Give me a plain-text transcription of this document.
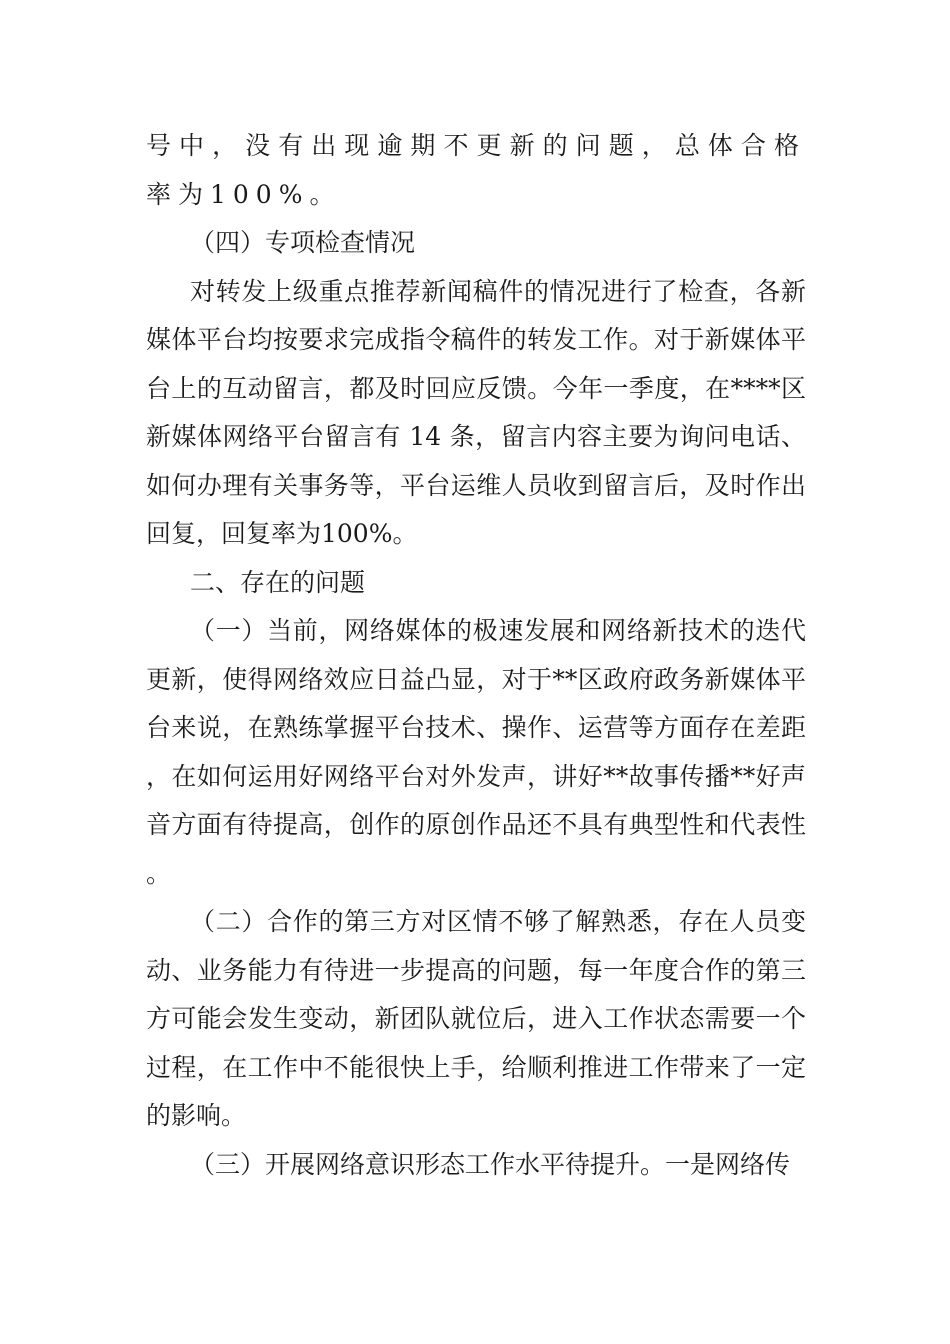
号中，没有出现逾期不更新的问题，总体合格率为100%。

（四）专项检查情况

对转发上级重点推荐新闻稿件的情况进行了检查，各新媒体平台均按要求完成指令稿件的转发工作。对于新媒体平台上的互动留言，都及时回应反馈。今年一季度，在****区新媒体网络平台留言有 14 条，留言内容主要为询问电话、如何办理有关事务等，平台运维人员收到留言后，及时作出回复，回复率为100%。

二、存在的问题

（一）当前，网络媒体的极速发展和网络新技术的迭代更新，使得网络效应日益凸显，对于**区政府政务新媒体平台来说，在熟练掌握平台技术、操作、运营等方面存在差距，在如何运用好网络平台对外发声，讲好**故事传播**好声音方面有待提高，创作的原创作品还不具有典型性和代表性。

（二）合作的第三方对区情不够了解熟悉，存在人员变动、业务能力有待进一步提高的问题，每一年度合作的第三方可能会发生变动，新团队就位后，进入工作状态需要一个过程，在工作中不能很快上手，给顺利推进工作带来了一定的影响。

（三）开展网络意识形态工作水平待提升。一是网络传
